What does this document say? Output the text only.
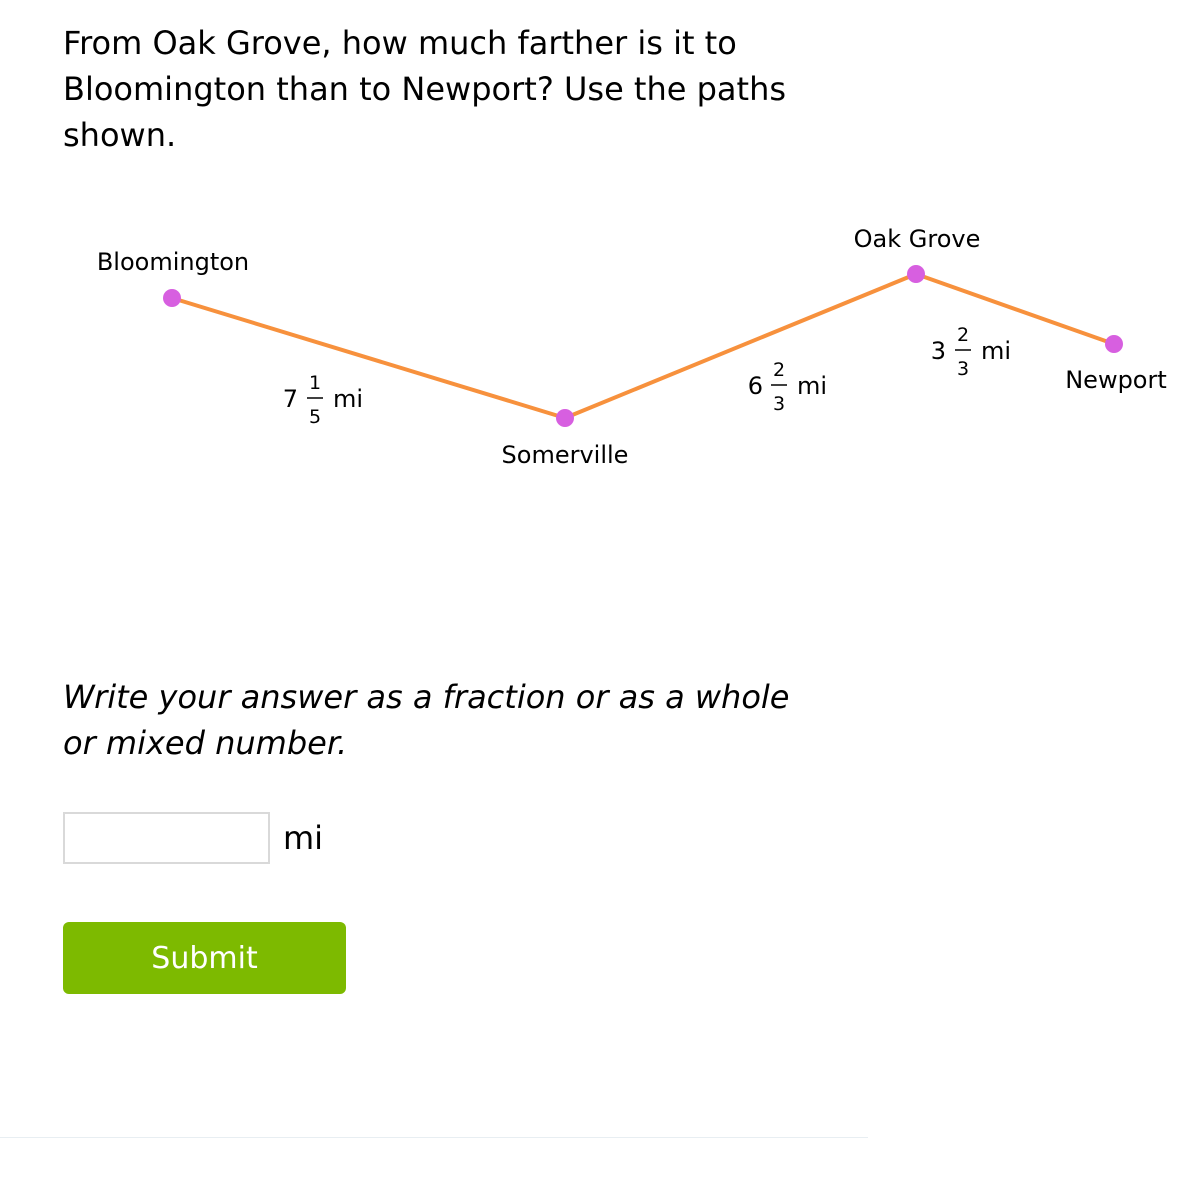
From Oak Grove, how much farther is it to Bloomington than to Newport? Use the paths shown.

Bloomington
Somerville
Oak Grove
Newport
7
1
5
mi	6
2
3
mi
3
2
3
mi

Write your answer as a fraction or as a whole or mixed number.

mi
Submit
